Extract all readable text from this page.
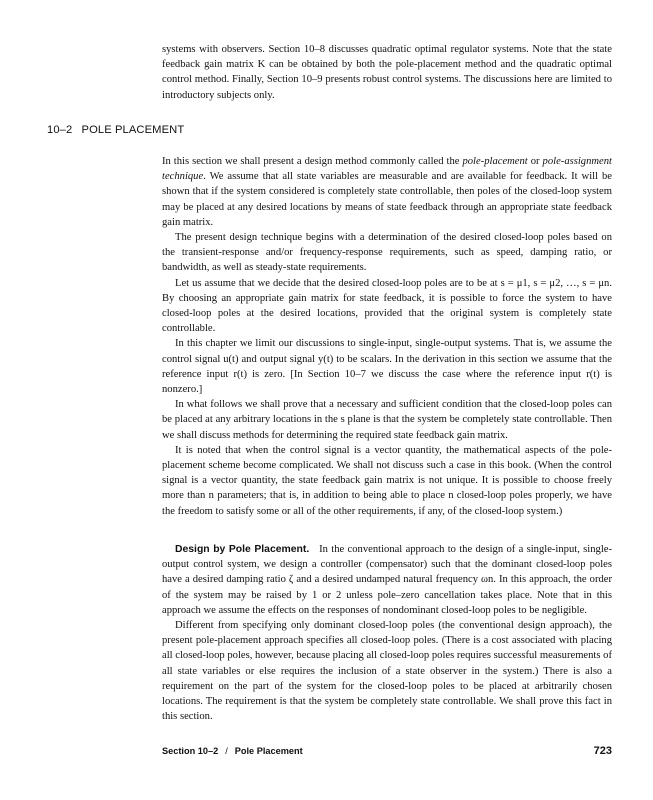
systems with observers. Section 10–8 discusses quadratic optimal regulator systems. Note that the state feedback gain matrix K can be obtained by both the pole-placement method and the quadratic optimal control method. Finally, Section 10–9 presents robust control systems. The discussions here are limited to introductory subjects only.

10–2 POLE PLACEMENT

In this section we shall present a design method commonly called the pole-placement or pole-assignment technique. We assume that all state variables are measurable and are available for feedback. It will be shown that if the system considered is completely state controllable, then poles of the closed-loop system may be placed at any desired locations by means of state feedback through an appropriate state feedback gain matrix.

The present design technique begins with a determination of the desired closed-loop poles based on the transient-response and/or frequency-response requirements, such as speed, damping ratio, or bandwidth, as well as steady-state requirements.

Let us assume that we decide that the desired closed-loop poles are to be at s = μ1, s = μ2, …, s = μn. By choosing an appropriate gain matrix for state feedback, it is possible to force the system to have closed-loop poles at the desired locations, provided that the original system is completely state controllable.

In this chapter we limit our discussions to single-input, single-output systems. That is, we assume the control signal u(t) and output signal y(t) to be scalars. In the derivation in this section we assume that the reference input r(t) is zero. [In Section 10–7 we discuss the case where the reference input r(t) is nonzero.]

In what follows we shall prove that a necessary and sufficient condition that the closed-loop poles can be placed at any arbitrary locations in the s plane is that the system be completely state controllable. Then we shall discuss methods for determining the required state feedback gain matrix.

It is noted that when the control signal is a vector quantity, the mathematical aspects of the pole-placement scheme become complicated. We shall not discuss such a case in this book. (When the control signal is a vector quantity, the state feedback gain matrix is not unique. It is possible to choose freely more than n parameters; that is, in addition to being able to place n closed-loop poles properly, we have the freedom to satisfy some or all of the other requirements, if any, of the closed-loop system.)

Design by Pole Placement. In the conventional approach to the design of a single-input, single-output control system, we design a controller (compensator) such that the dominant closed-loop poles have a desired damping ratio ζ and a desired undamped natural frequency ωn. In this approach, the order of the system may be raised by 1 or 2 unless pole–zero cancellation takes place. Note that in this approach we assume the effects on the responses of nondominant closed-loop poles to be negligible.

Different from specifying only dominant closed-loop poles (the conventional design approach), the present pole-placement approach specifies all closed-loop poles. (There is a cost associated with placing all closed-loop poles, however, because placing all closed-loop poles requires successful measurements of all state variables or else requires the inclusion of a state observer in the system.) There is also a requirement on the part of the system for the closed-loop poles to be placed at arbitrarily chosen locations. The requirement is that the system be completely state controllable. We shall prove this fact in this section.

Section 10–2 / Pole Placement	723
